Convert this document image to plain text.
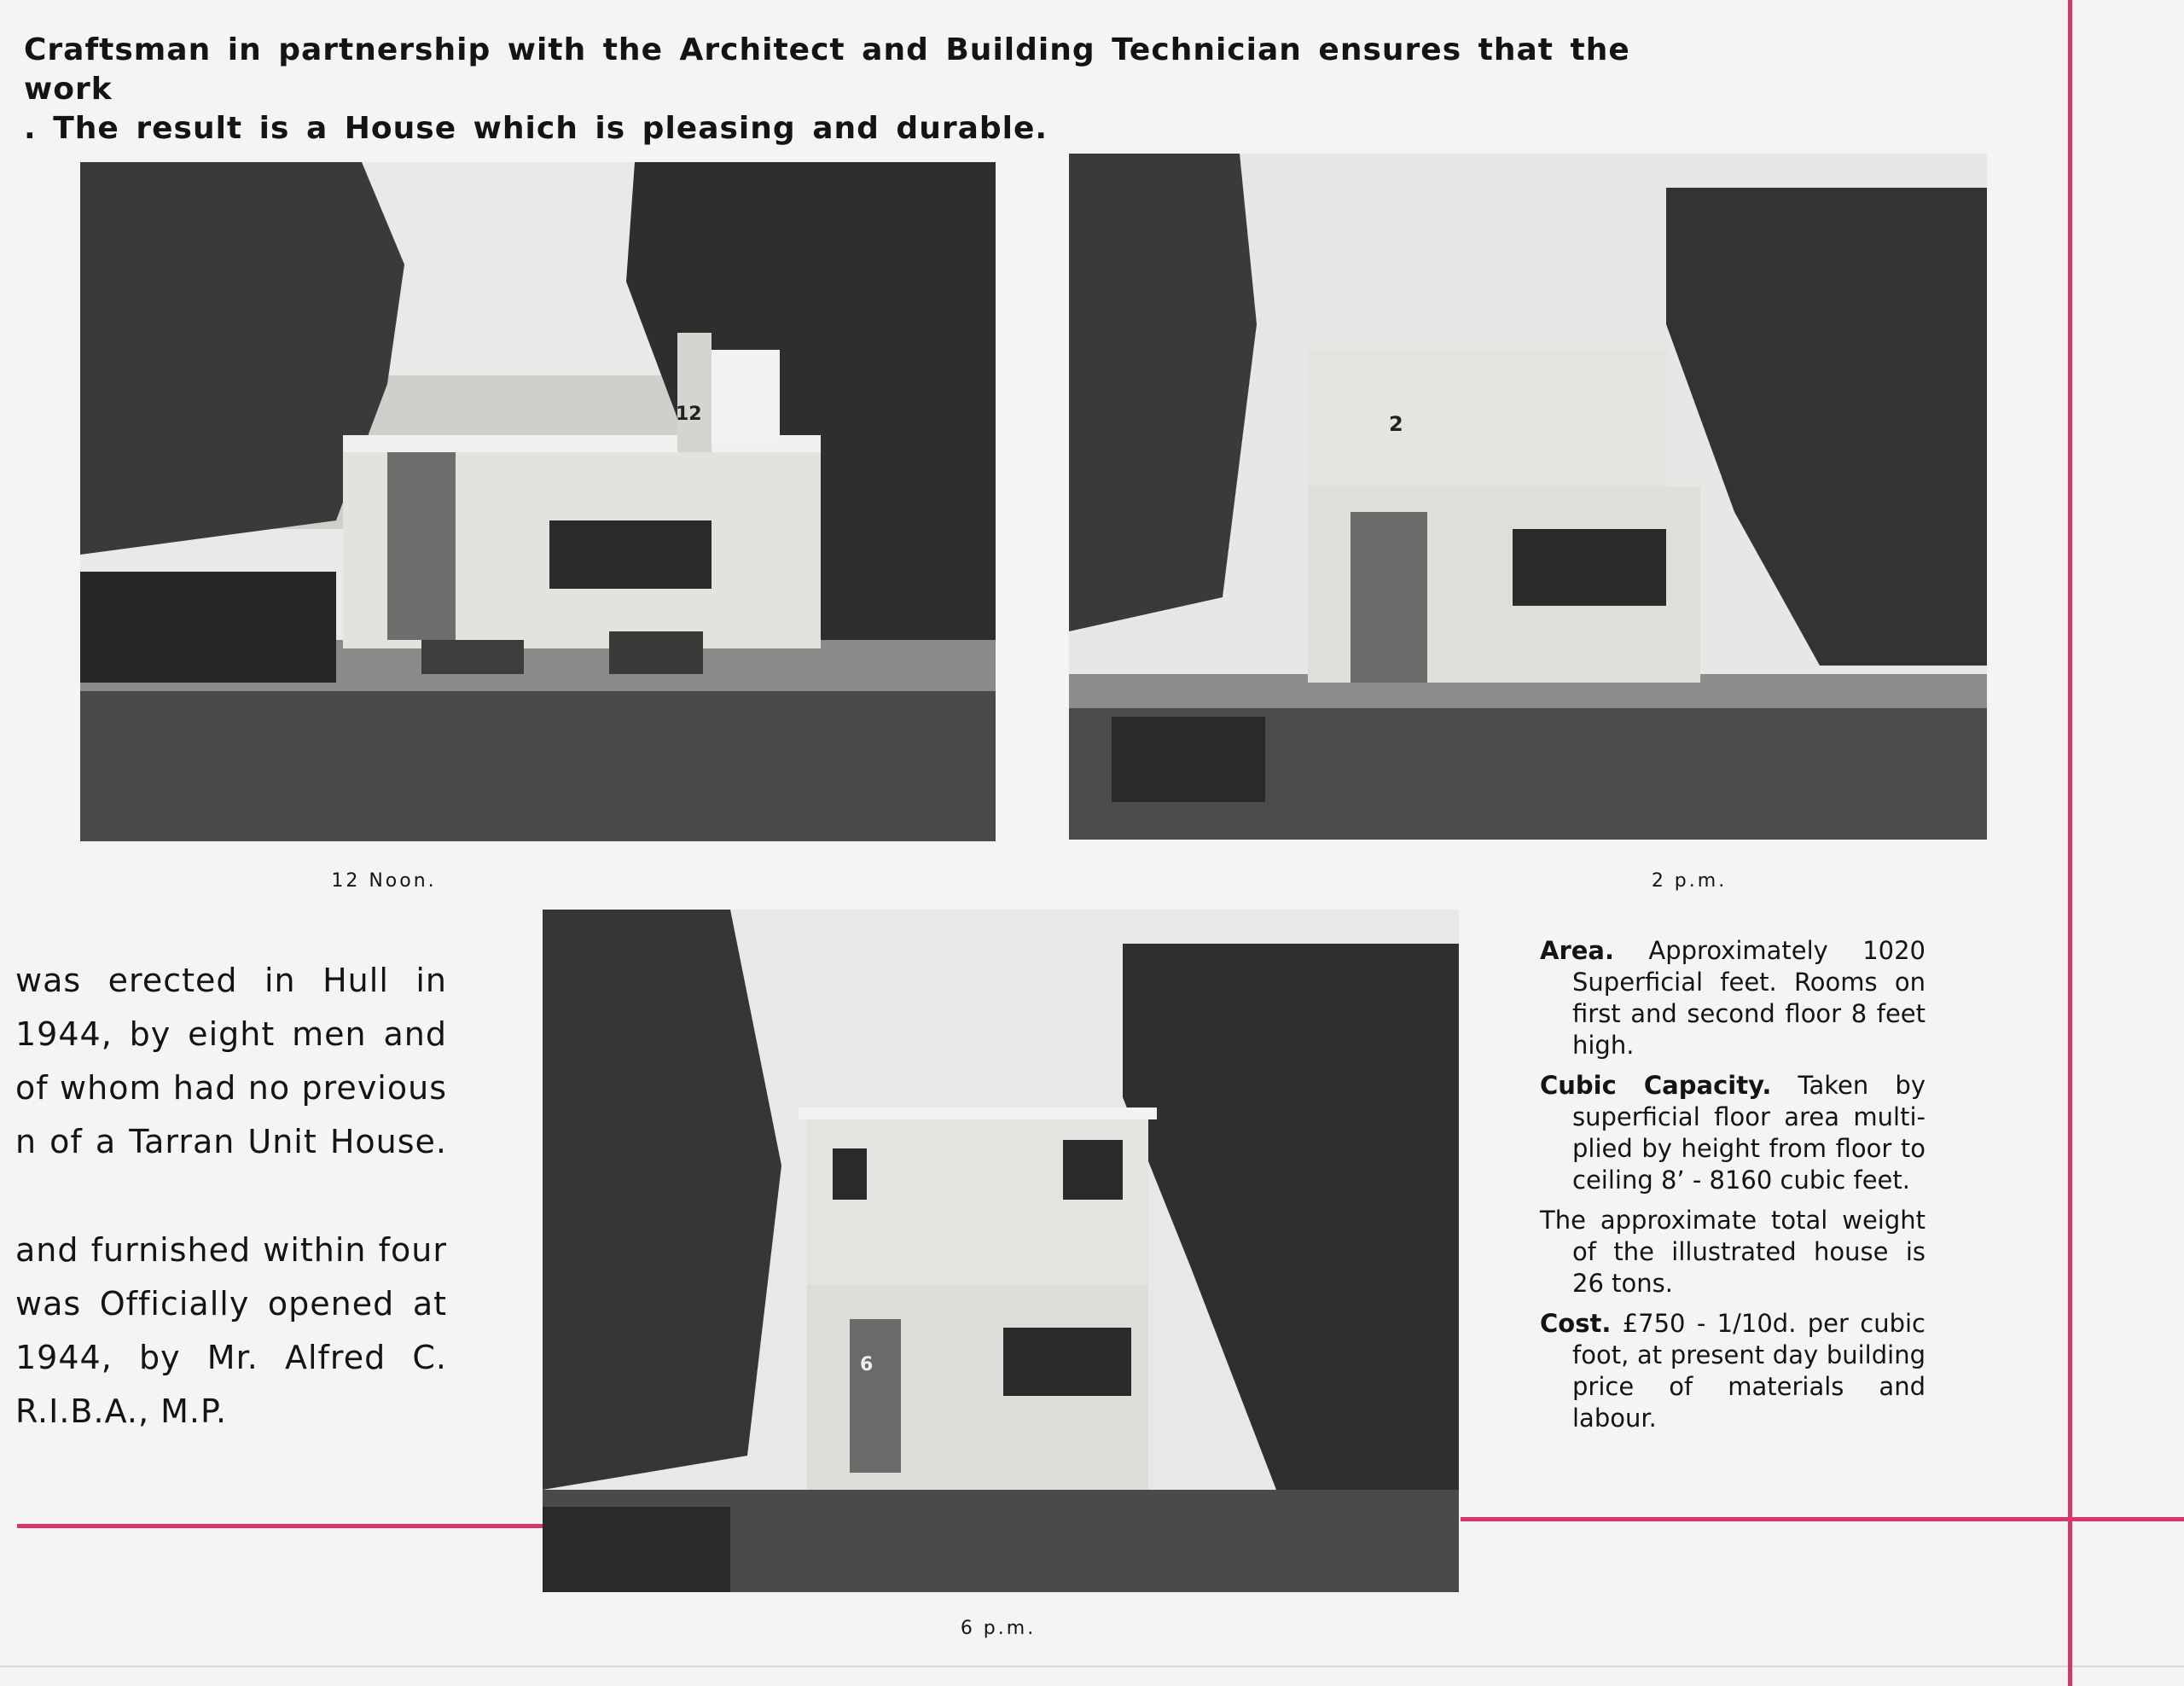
Craftsman in partnership with the Architect and Building Technician ensures that the work

. The result is a House which is pleasing and durable.
12	2
6
12 Noon.	2 p.m.
6 p.m.
was erected in Hull in
1944, by eight men and
of whom had no previous
n of a Tarran Unit House.
and furnished within four
was Officially opened at
1944, by Mr. Alfred C.
R.I.B.A., M.P.
Area. Approximately 1020 Superficial feet. Rooms on first and second floor 8 feet high.
Cubic Capacity. Taken by superficial floor area multi-plied by height from floor to ceiling 8’ - 8160 cubic feet.
The approximate total weight of the illustrated house is 26 tons.
Cost. £750 - 1/10d. per cubic foot, at present day building price of materials and labour.
